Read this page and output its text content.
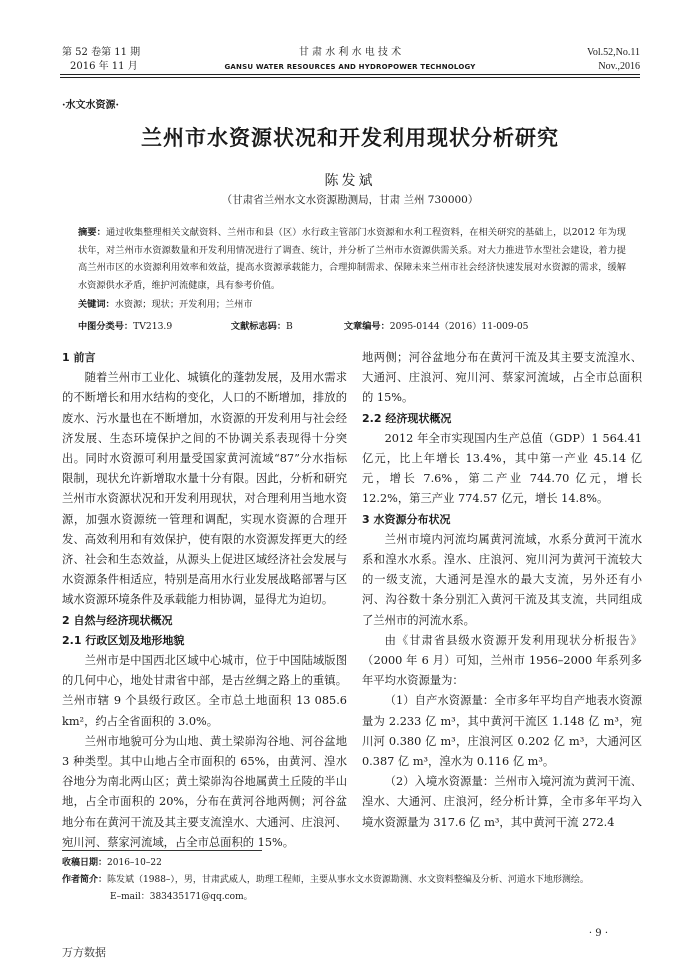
第 52 卷第 11 期
2016 年 11 月
甘 肃 水 利 水 电 技 术
GANSU WATER RESOURCES AND HYDROPOWER TECHNOLOGY
Vol.52,No.11
Nov.,2016
·水文水资源·
兰州市水资源状况和开发利用现状分析研究
陈发斌
（甘肃省兰州水文水资源勘测局，甘肃 兰州 730000）
摘要：通过收集整理相关文献资料、兰州市和县（区）水行政主管部门水资源和水利工程资料，在相关研究的基础上，以2012 年为现状年，对兰州市水资源数量和开发利用情况进行了调查、统计，并分析了兰州市水资源供需关系。对大力推进节水型社会建设，着力提高兰州市区的水资源利用效率和效益，提高水资源承载能力，合理抑制需求、保障未来兰州市社会经济快速发展对水资源的需求，缓解水资源供水矛盾，维护河流健康，具有参考价值。
关键词：水资源；现状；开发利用；兰州市
中图分类号：TV213.9	文献标志码：B	文章编号：2095-0144（2016）11-009-05
1 前言

随着兰州市工业化、城镇化的蓬勃发展，及用水需求的不断增长和用水结构的变化，人口的不断增加，排放的废水、污水量也在不断增加，水资源的开发利用与社会经济发展、生态环境保护之间的不协调关系表现得十分突出。同时水资源可利用量受国家黄河流域“87”分水指标限制，现状允许新增取水量十分有限。因此，分析和研究兰州市水资源状况和开发利用现状，对合理利用当地水资源，加强水资源统一管理和调配，实现水资源的合理开发、高效利用和有效保护，使有限的水资源发挥更大的经济、社会和生态效益，从源头上促进区域经济社会发展与水资源条件相适应，特别是高用水行业发展战略部署与区域水资源环境条件及承载能力相协调，显得尤为迫切。

2 自然与经济现状概况
2.1 行政区划及地形地貌

兰州市是中国西北区域中心城市，位于中国陆域版图的几何中心，地处甘肃省中部，是古丝绸之路上的重镇。兰州市辖 9 个县级行政区。全市总土地面积 13 085.6 km²，约占全省面积的 3.0%。

兰州市地貌可分为山地、黄土梁峁沟谷地、河谷盆地 3 种类型。其中山地占全市面积的 65%，由黄河、湟水谷地分为南北两山区；黄土梁峁沟谷地属黄土丘陵的半山地，占全市面积的 20%，分布在黄河谷地两侧；河谷盆地分布在黄河干流及其主要支流湟水、大通河、庄浪河、宛川河、蔡家河流域，占全市总面积的 15%。

地两侧；河谷盆地分布在黄河干流及其主要支流湟水、大通河、庄浪河、宛川河、蔡家河流域，占全市总面积的 15%。

2.2 经济现状概况

2012 年全市实现国内生产总值（GDP）1 564.41 亿元，比上年增长 13.4%，其中第一产业 45.14 亿元，增长 7.6%，第二产业 744.70 亿元，增长 12.2%，第三产业 774.57 亿元，增长 14.8%。

3 水资源分布状况

兰州市境内河流均属黄河流域，水系分黄河干流水系和湟水水系。湟水、庄浪河、宛川河为黄河干流较大的一级支流，大通河是湟水的最大支流，另外还有小河、沟谷数十条分别汇入黄河干流及其支流，共同组成了兰州市的河流水系。

由《甘肃省县级水资源开发利用现状分析报告》（2000 年 6 月）可知，兰州市 1956–2000 年系列多年平均水资源量为：

（1）自产水资源量：全市多年平均自产地表水资源量为 2.233 亿 m³，其中黄河干流区 1.148 亿 m³，宛川河 0.380 亿 m³，庄浪河区 0.202 亿 m³，大通河区 0.387 亿 m³，湟水为 0.116 亿 m³。

（2）入境水资源量：兰州市入境河流为黄河干流、湟水、大通河、庄浪河，经分析计算，全市多年平均入境水资源量为 317.6 亿 m³，其中黄河干流 272.4

收稿日期：2016–10–22
作者简介：陈发斌（1988–），男，甘肃武威人，助理工程师，主要从事水文水资源勘测、水文资料整编及分析、河道水下地形测绘。
E–mail：383435171@qq.com。
· 9 ·
万方数据
